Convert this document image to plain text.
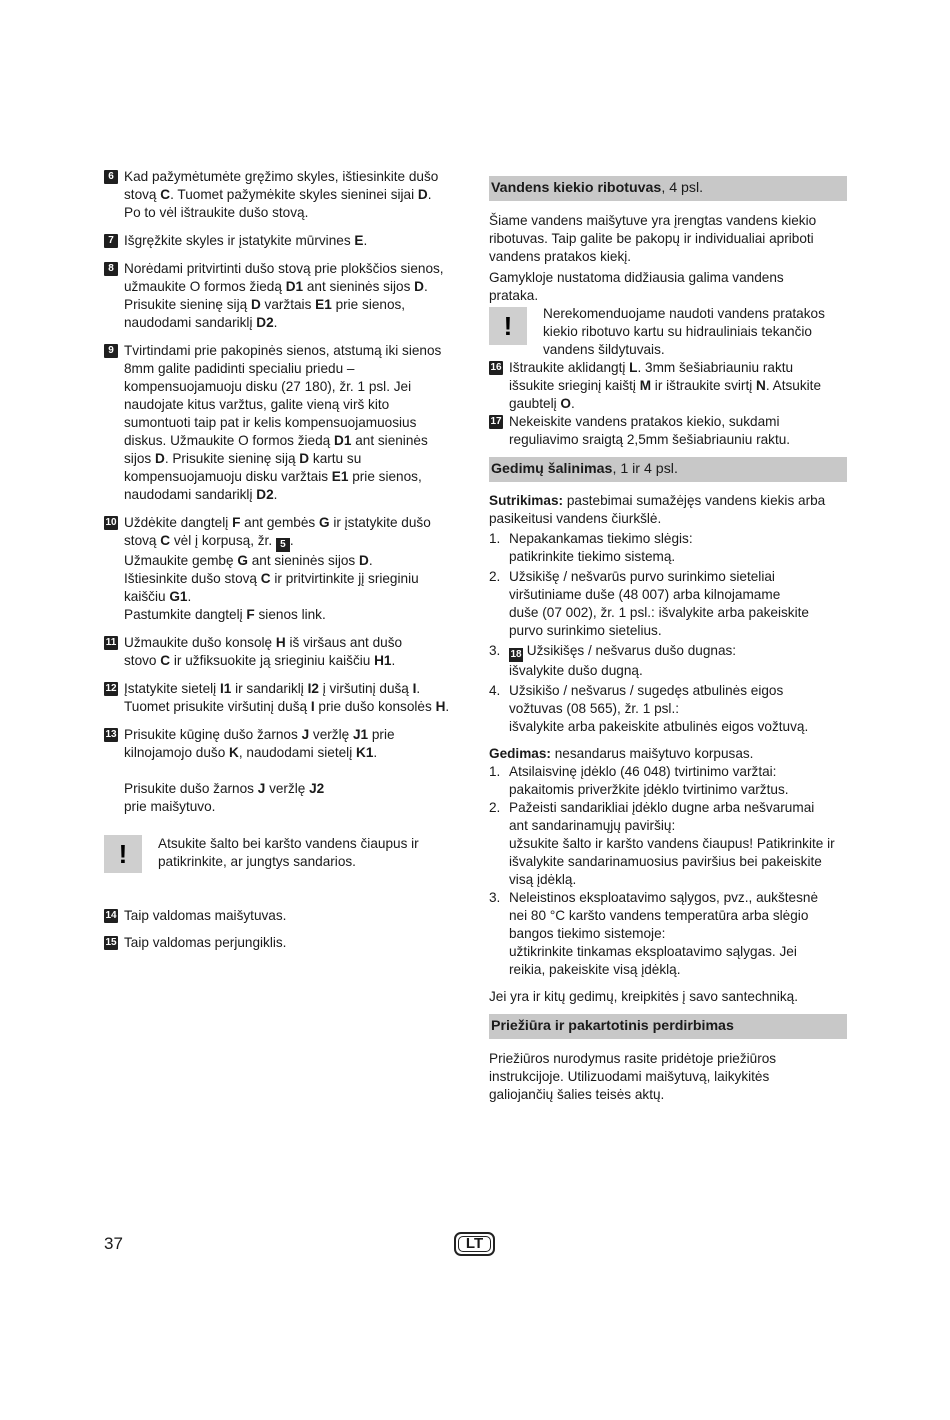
6 Kad pažymėtumėte gręžimo skyles, ištiesinkite dušo
stovą C. Tuomet pažymėkite skyles sieninei sijai D.
Po to vėl ištraukite dušo stovą.
7 Išgręžkite skyles ir įstatykite mūrvines E.
8 Norėdami pritvirtinti dušo stovą prie plokščios sienos,
užmaukite O formos žiedą D1 ant sieninės sijos D.
Prisukite sieninę siją D varžtais E1 prie sienos,
naudodami sandariklį D2.
9 Tvirtindami prie pakopinės sienos, atstumą iki sienos
8mm galite padidinti specialiu priedu –
kompensuojamuoju disku (27 180), žr. 1 psl. Jei
naudojate kitus varžtus, galite vieną virš kito
sumontuoti taip pat ir kelis kompensuojamuosius
diskus. Užmaukite O formos žiedą D1 ant sieninės
sijos D. Prisukite sieninę siją D kartu su
kompensuojamuoju disku varžtais E1 prie sienos,
naudodami sandariklį D2.
10 Uždėkite dangtelį F ant gembės G ir įstatykite dušo
stovą C vėl į korpusą, žr. 5 .
Užmaukite gembę G ant sieninės sijos D.
Ištiesinkite dušo stovą C ir pritvirtinkite jį srieginiu
kaiščiu G1.
Pastumkite dangtelį F sienos link.
11 Užmaukite dušo konsolę H iš viršaus ant dušo
stovo C ir užfiksuokite ją srieginiu kaiščiu H1.
12 Įstatykite sietelį I1 ir sandariklį I2 į viršutinį dušą I.
Tuomet prisukite viršutinį dušą I prie dušo konsolės H.
13 Prisukite kūginę dušo žarnos J veržlę J1 prie
kilnojamojo dušo K, naudodami sietelį K1.
Prisukite dušo žarnos J veržlę J2
prie maišytuvo.
!	Atsukite šalto bei karšto vandens čiaupus ir
patikrinkite, ar jungtys sandarios.
14 Taip valdomas maišytuvas.
15 Taip valdomas perjungiklis.
Vandens kiekio ribotuvas, 4 psl.
Šiame vandens maišytuve yra įrengtas vandens kiekio
ribotuvas. Taip galite be pakopų ir individualiai apriboti
vandens pratakos kiekį.
Gamykloje nustatoma didžiausia galima vandens
prataka.
!	Nerekomenduojame naudoti vandens pratakos
kiekio ribotuvo kartu su hidrauliniais tekančio
vandens šildytuvais.
16 Ištraukite aklidangtį L. 3mm šešiabriauniu raktu
išsukite srieginį kaištį M ir ištraukite svirtį N. Atsukite
gaubtelį O.
17 Nekeiskite vandens pratakos kiekio, sukdami
reguliavimo sraigtą 2,5mm šešiabriauniu raktu.
Gedimų šalinimas, 1 ir 4 psl.
Sutrikimas: pastebimai sumažėjęs vandens kiekis arba
pasikeitusi vandens čiurkšlė.
1. Nepakankamas tiekimo slėgis:
patikrinkite tiekimo sistemą.
2. Užsikišę / nešvarūs purvo surinkimo sieteliai
viršutiniame duše (48 007) arba kilnojamame
duše (07 002), žr. 1 psl.: išvalykite arba pakeiskite
purvo surinkimo sietelius.
3. 18 Užsikišęs / nešvarus dušo dugnas:
išvalykite dušo dugną.
4. Užsikišo / nešvarus / sugedęs atbulinės eigos
vožtuvas (08 565), žr. 1 psl.:
išvalykite arba pakeiskite atbulinės eigos vožtuvą.
Gedimas: nesandarus maišytuvo korpusas.
1. Atsilaisvinę įdėklo (46 048) tvirtinimo varžtai:
pakaitomis priveržkite įdėklo tvirtinimo varžtus.
2. Pažeisti sandarikliai įdėklo dugne arba nešvarumai
ant sandarinamųjų paviršių:
užsukite šalto ir karšto vandens čiaupus! Patikrinkite ir
išvalykite sandarinamuosius paviršius bei pakeiskite
visą įdėklą.
3. Neleistinos eksploatavimo sąlygos, pvz., aukštesnė
nei 80 °C karšto vandens temperatūra arba slėgio
bangos tiekimo sistemoje:
užtikrinkite tinkamas eksploatavimo sąlygas. Jei
reikia, pakeiskite visą įdėklą.
Jei yra ir kitų gedimų, kreipkitės į savo santechniką.
Priežiūra ir pakartotinis perdirbimas
Priežiūros nurodymus rasite pridėtoje priežiūros
instrukcijoje. Utilizuodami maišytuvą, laikykitės
galiojančių šalies teisės aktų.
37	LT
